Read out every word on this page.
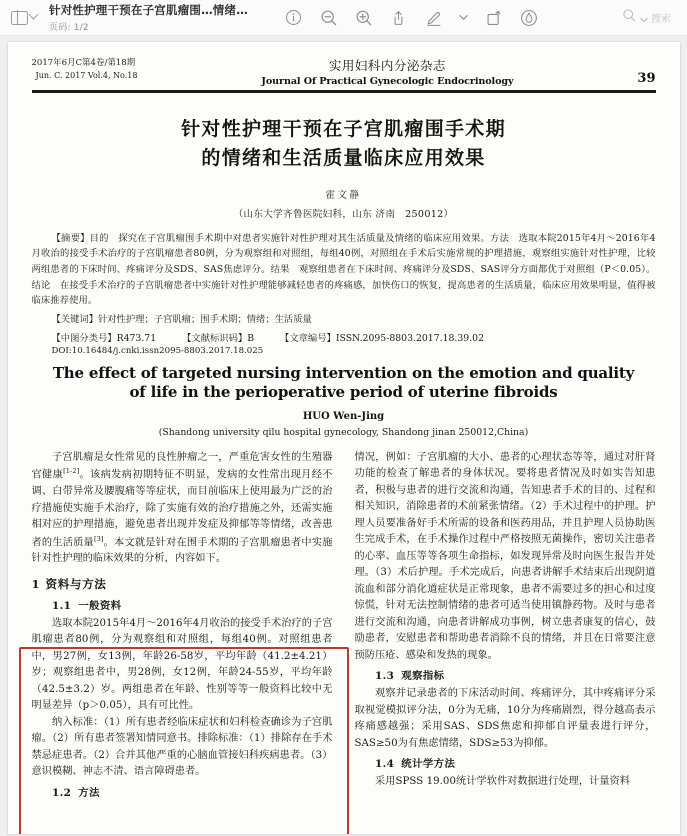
针对性护理干预在子宫肌瘤围…情绪…
页码: 1/2
搜索
2017年6月C第4卷/第18期
Jun. C. 2017 Vol.4, No.18
实用妇科内分泌杂志
Journal Of Practical Gynecologic Endocrinology	39
针对性护理干预在子宫肌瘤围手术期
的情绪和生活质量临床应用效果
霍文静
（山东大学齐鲁医院妇科，山东 济南　250012）

【摘要】目的　探究在子宫肌瘤围手术期中对患者实施针对性护理对其生活质量及情绪的临床应用效果。方法　选取本院2015年4月～2016年4月收治的接受手术治疗的子宫肌瘤患者80例，分为观察组和对照组，每组40例，对照组在手术后实施常规的护理措施，观察组实施针对性护理，比较两组患者的下床时间、疼痛评分及SDS、SAS焦虑评分。结果　观察组患者在下床时间、疼痛评分及SDS、SAS评分方面都优于对照组（P＜0.05）。结论　在接受手术治疗的子宫肌瘤患者中实施针对性护理能够减轻患者的疼痛感，加快伤口的恢复，提高患者的生活质量，临床应用效果明显，值得被临床推荐使用。

【关键词】针对性护理；子宫肌瘤；围手术期；情绪；生活质量
【中图分类号】R473.71	【文献标识码】B	【文章编号】ISSN.2095-8803.2017.18.39.02
DOI:10.16484/j.cnki.issn2095-8803.2017.18.025
The effect of targeted nursing intervention on the emotion and quality
of life in the perioperative period of uterine fibroids
HUO Wen-Jing
(Shandong university qilu hospital gynecology, Shandong jinan 250012,China)

子宫肌瘤是女性常见的良性肿瘤之一，严重危害女性的生殖器官健康[1-2]。该病发病初期特征不明显，发病的女性常出现月经不调、白带异常及腰腹痛等等症状，而目前临床上使用最为广泛的治疗措施使实施手术治疗，除了实施有效的治疗措施之外，还需实施相对应的护理措施，避免患者出现并发症及抑郁等等情绪，改善患者的生活质量[3]。本文就是针对在围手术期的子宫肌瘤患者中实施针对性护理的临床效果的分析，内容如下。

1 资料与方法
1.1 一般资料

选取本院2015年4月～2016年4月收治的接受手术治疗的子宫肌瘤患者80例，分为观察组和对照组，每组40例。对照组患者中，男27例，女13例，年龄26-58岁，平均年龄（41.2±4.21）岁；观察组患者中，男28例，女12例，年龄24-55岁，平均年龄（42.5±3.2）岁。两组患者在年龄、性别等等一般资料比较中无明显差异（p＞0.05），具有可比性。

纳入标准：（1）所有患者经临床症状和妇科检查确诊为子宫肌瘤。（2）所有患者签署知情同意书。排除标准：（1）排除存在手术禁忌症患者。（2）合并其他严重的心脑血管接妇科疾病患者。（3）意识模糊、神志不清、语言障碍患者。

1.2 方法

情况，例如：子宫肌瘤的大小、患者的心理状态等等，通过对肝肾功能的检查了解患者的身体状况。要将患者情况及时如实告知患者，积极与患者的进行交流和沟通，告知患者手术的目的、过程和相关知识，消除患者的术前紧张情绪。（2）手术过程中的护理。护理人员要准备好手术所需的设备和医药用品，并且护理人员协助医生完成手术，在手术操作过程中严格按照无菌操作，密切关注患者的心率、血压等等各项生命指标，如发现异常及时向医生报告并处理。（3）术后护理。手术完成后，向患者讲解手术结束后出现阴道流血和部分消化道症状是正常现象，患者不需要过多的担心和过度惊慌，针对无法控制情绪的患者可适当使用镇静药物。及时与患者进行交流和沟通，向患者讲解成功事例，树立患者康复的信心，鼓励患者，安慰患者和帮助患者消除不良的情绪，并且在日常要注意预防压疮、感染和发热的现象。

1.3 观察指标

观察并记录患者的下床活动时间、疼痛评分，其中疼痛评分采取视觉模拟评分法，0分为无痛，10分为疼痛剧烈，得分越高表示疼痛感越强；采用SAS、SDS焦虑和抑郁自评量表进行评分，SAS≥50为有焦虑情绪，SDS≥53为抑郁。

1.4 统计学方法

采用SPSS 19.00统计学软件对数据进行处理，计量资料
